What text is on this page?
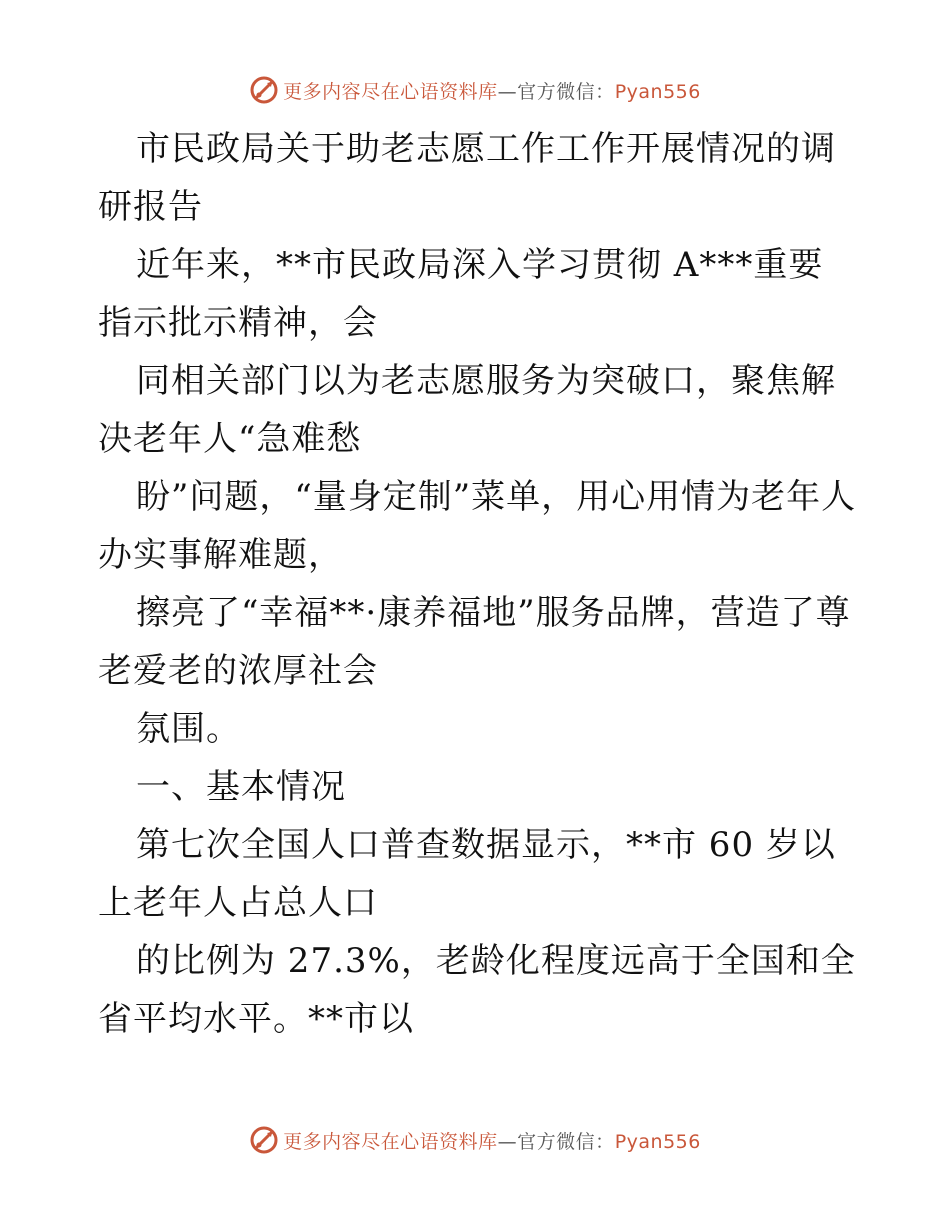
更多内容尽在心语资料库—官方微信：Pyan556

市民政局关于助老志愿工作工作开展情况的调研报告

近年来，**市民政局深入学习贯彻 A***重要指示批示精神，会

同相关部门以为老志愿服务为突破口，聚焦解决老年人“急难愁

盼”问题，“量身定制”菜单，用心用情为老年人办实事解难题，

擦亮了“幸福**·康养福地”服务品牌，营造了尊老爱老的浓厚社会

氛围。

一、基本情况

第七次全国人口普查数据显示，**市 60 岁以上老年人占总人口

的比例为 27.3%，老龄化程度远高于全国和全省平均水平。**市以

更多内容尽在心语资料库—官方微信：Pyan556
